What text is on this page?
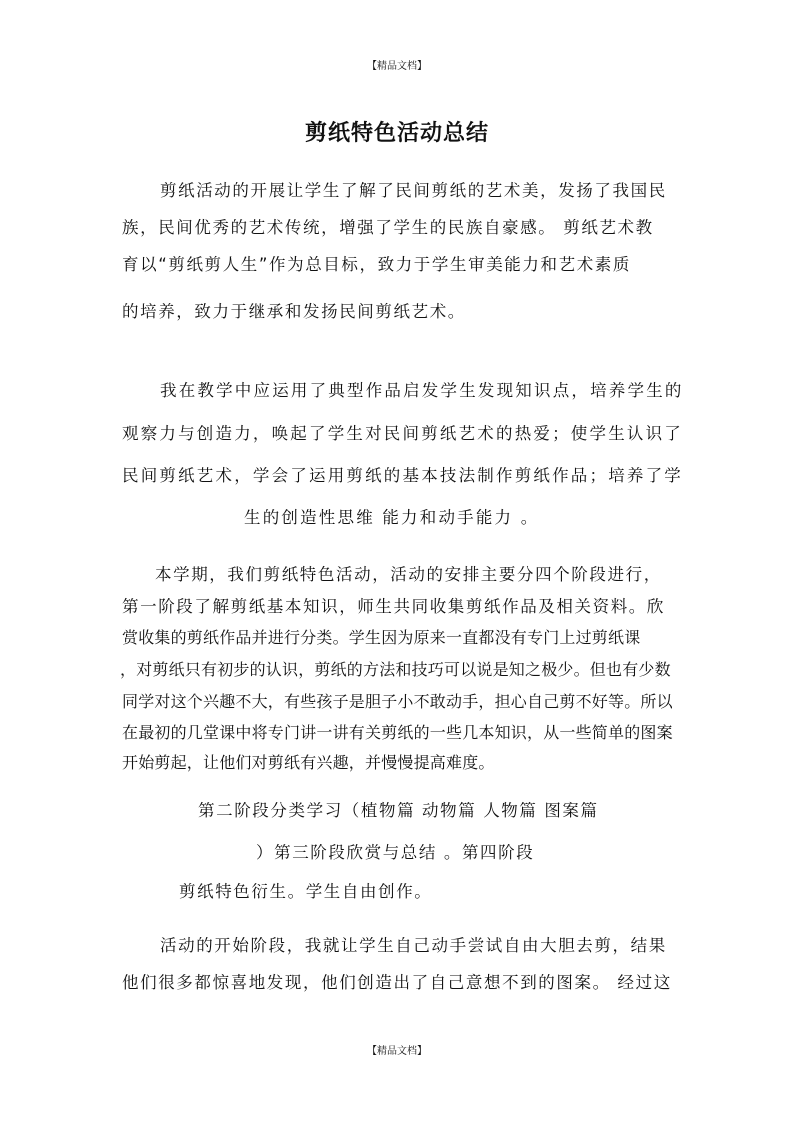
【精品文档】
剪纸特色活动总结
剪纸活动的开展让学生了解了民间剪纸的艺术美，发扬了我国民
族，民间优秀的艺术传统，增强了学生的民族自豪感。 剪纸艺术教
育以“剪纸剪人生”作为总目标，致力于学生审美能力和艺术素质
的培养，致力于继承和发扬民间剪纸艺术。
我在教学中应运用了典型作品启发学生发现知识点，培养学生的
观察力与创造力，唤起了学生对民间剪纸艺术的热爱；使学生认识了
民间剪纸艺术，学会了运用剪纸的基本技法制作剪纸作品；培养了学
生的创造性思维 能力和动手能力 。
本学期，我们剪纸特色活动，活动的安排主要分四个阶段进行，
第一阶段了解剪纸基本知识，师生共同收集剪纸作品及相关资料。欣
赏收集的剪纸作品并进行分类。学生因为原来一直都没有专门上过剪纸课
，对剪纸只有初步的认识，剪纸的方法和技巧可以说是知之极少。但也有少数
同学对这个兴趣不大，有些孩子是胆子小不敢动手，担心自己剪不好等。所以
在最初的几堂课中将专门讲一讲有关剪纸的一些几本知识，从一些简单的图案
开始剪起，让他们对剪纸有兴趣，并慢慢提高难度。
第二阶段分类学习（植物篇 动物篇 人物篇 图案篇
）第三阶段欣赏与总结 。第四阶段
剪纸特色衍生。学生自由创作。
活动的开始阶段，我就让学生自己动手尝试自由大胆去剪，结果
他们很多都惊喜地发现，他们创造出了自己意想不到的图案。 经过这
【精品文档】
